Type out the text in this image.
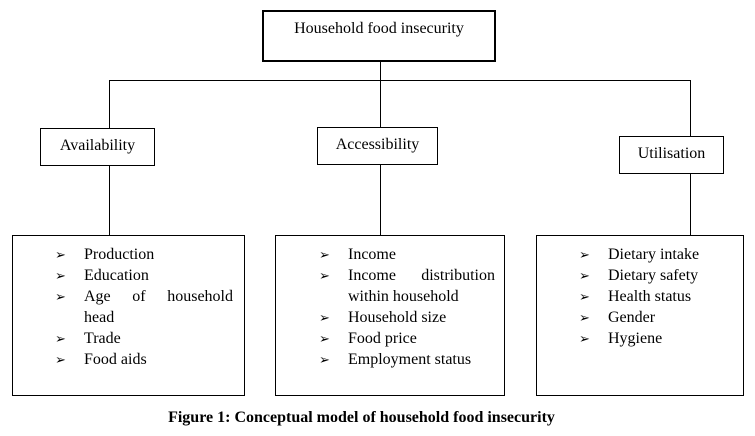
Household food insecurity
Availability	Accessibility
Utilisation
➢ Production
➢ Education
➢ Age of household
head
➢ Trade
➢ Food aids
➢ Income
➢ Income distribution
within household
➢ Household size
➢ Food price
➢ Employment status
➢ Dietary intake
➢ Dietary safety
➢ Health status
➢ Gender
➢ Hygiene
Figure 1: Conceptual model of household food insecurity
